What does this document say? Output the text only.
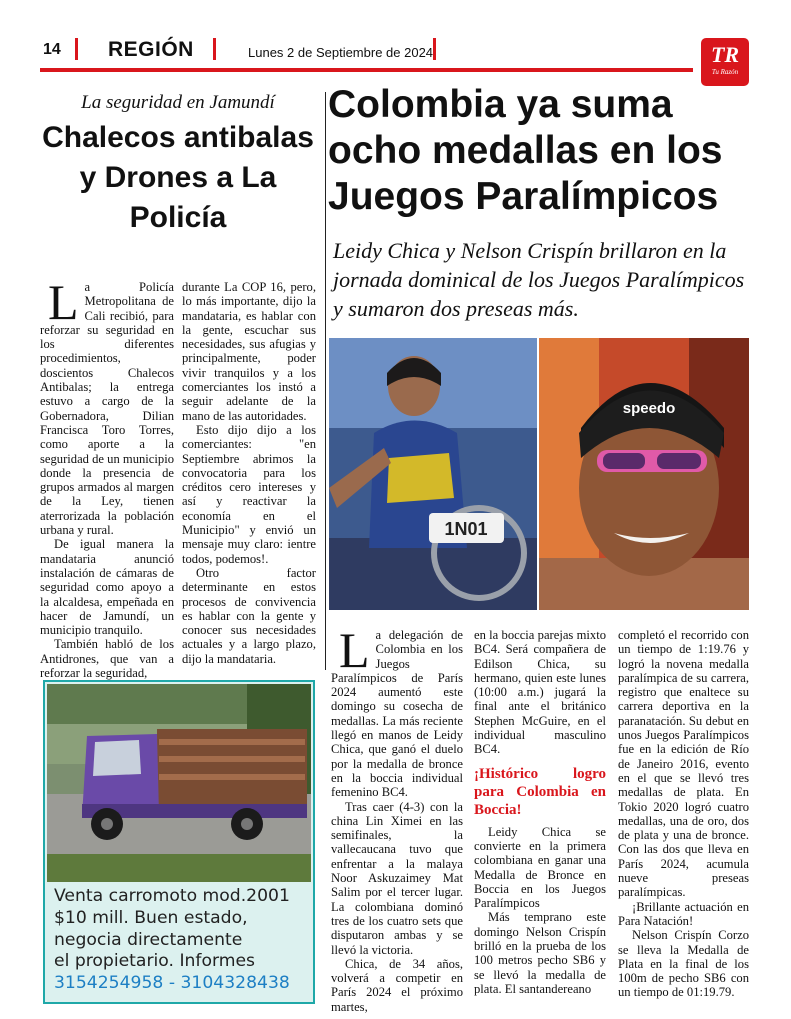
14 REGIÓN	Lunes 2 de Septiembre de 2024	TR
Tu Razón
La seguridad en Jamundí
Chalecos antibalas y Drones a La Policía
L a Policía Metropolitana de Cali recibió, para reforzar su seguridad en los diferentes procedimientos, doscientos Chalecos Antibalas; la entrega estuvo a cargo de la Gobernadora, Dilian Francisca Toro Torres, como aporte a la seguridad de un municipio donde la presencia de grupos armados al margen de la Ley, tienen aterrorizada la población urbana y rural.

De igual manera la mandataria anunció instalación de cámaras de seguridad como apoyo a la alcaldesa, empeñada en hacer de Jamundí, un municipio tranquilo.

También habló de los Antidrones, que van a reforzar la seguridad,

durante La COP 16, pero, lo más importante, dijo la mandataria, es hablar con la gente, escuchar sus necesidades, sus afugias y principalmente, poder vivir tranquilos y a los comerciantes los instó a seguir adelante de la mano de las autoridades.

Esto dijo dijo a los comerciantes: "en Septiembre abrimos la convocatoria para los créditos cero intereses y así y reactivar la economía en el Municipio" y envió un mensaje muy claro: ientre todos, podemos!.

Otro factor determinante en estos procesos de convivencia es hablar con la gente y conocer sus necesidades actuales y a largo plazo, dijo la mandataria.

Venta carromoto mod.2001
$10 mill. Buen estado,
negocia directamente
el propietario. Informes
3154254958 - 3104328438
Colombia ya suma ocho medallas en los Juegos Paralímpicos
Leidy Chica y Nelson Crispín brillaron en la jornada dominical de los Juegos Paralímpicos y sumaron dos preseas más.
1N01
speedo
L a delegación de Colombia en los Juegos Paralímpicos de París 2024 aumentó este domingo su cosecha de medallas. La más reciente llegó en manos de Leidy Chica, que ganó el duelo por la medalla de bronce en la boccia individual femenino BC4.

Tras caer (4-3) con la china Lin Ximei en las semifinales, la vallecaucana tuvo que enfrentar a la malaya Noor Askuzaimey Mat Salim por el tercer lugar. La colombiana dominó tres de los cuatro sets que disputaron ambas y se llevó la victoria.

Chica, de 34 años, volverá a competir en París 2024 el próximo martes,

en la boccia parejas mixto BC4. Será compañera de Edilson Chica, su hermano, quien este lunes (10:00 a.m.) jugará la final ante el británico Stephen McGuire, en el individual masculino BC4.

¡Histórico logro para Colombia en Boccia!

Leidy Chica se convierte en la primera colombiana en ganar una Medalla de Bronce en Boccia en los Juegos Paralímpicos

Más temprano este domingo Nelson Crispín brilló en la prueba de los 100 metros pecho SB6 y se llevó la medalla de plata. El santandereano

completó el recorrido con un tiempo de 1:19.76 y logró la novena medalla paralímpica de su carrera, registro que enaltece su carrera deportiva en la paranatación. Su debut en unos Juegos Paralímpicos fue en la edición de Río de Janeiro 2016, evento en el que se llevó tres medallas de plata. En Tokio 2020 logró cuatro medallas, una de oro, dos de plata y una de bronce. Con las dos que lleva en París 2024, acumula nueve preseas paralímpicas.

¡Brillante actuación en Para Natación!

Nelson Crispín Corzo se lleva la Medalla de Plata en la final de los 100m de pecho SB6 con un tiempo de 01:19.79.
